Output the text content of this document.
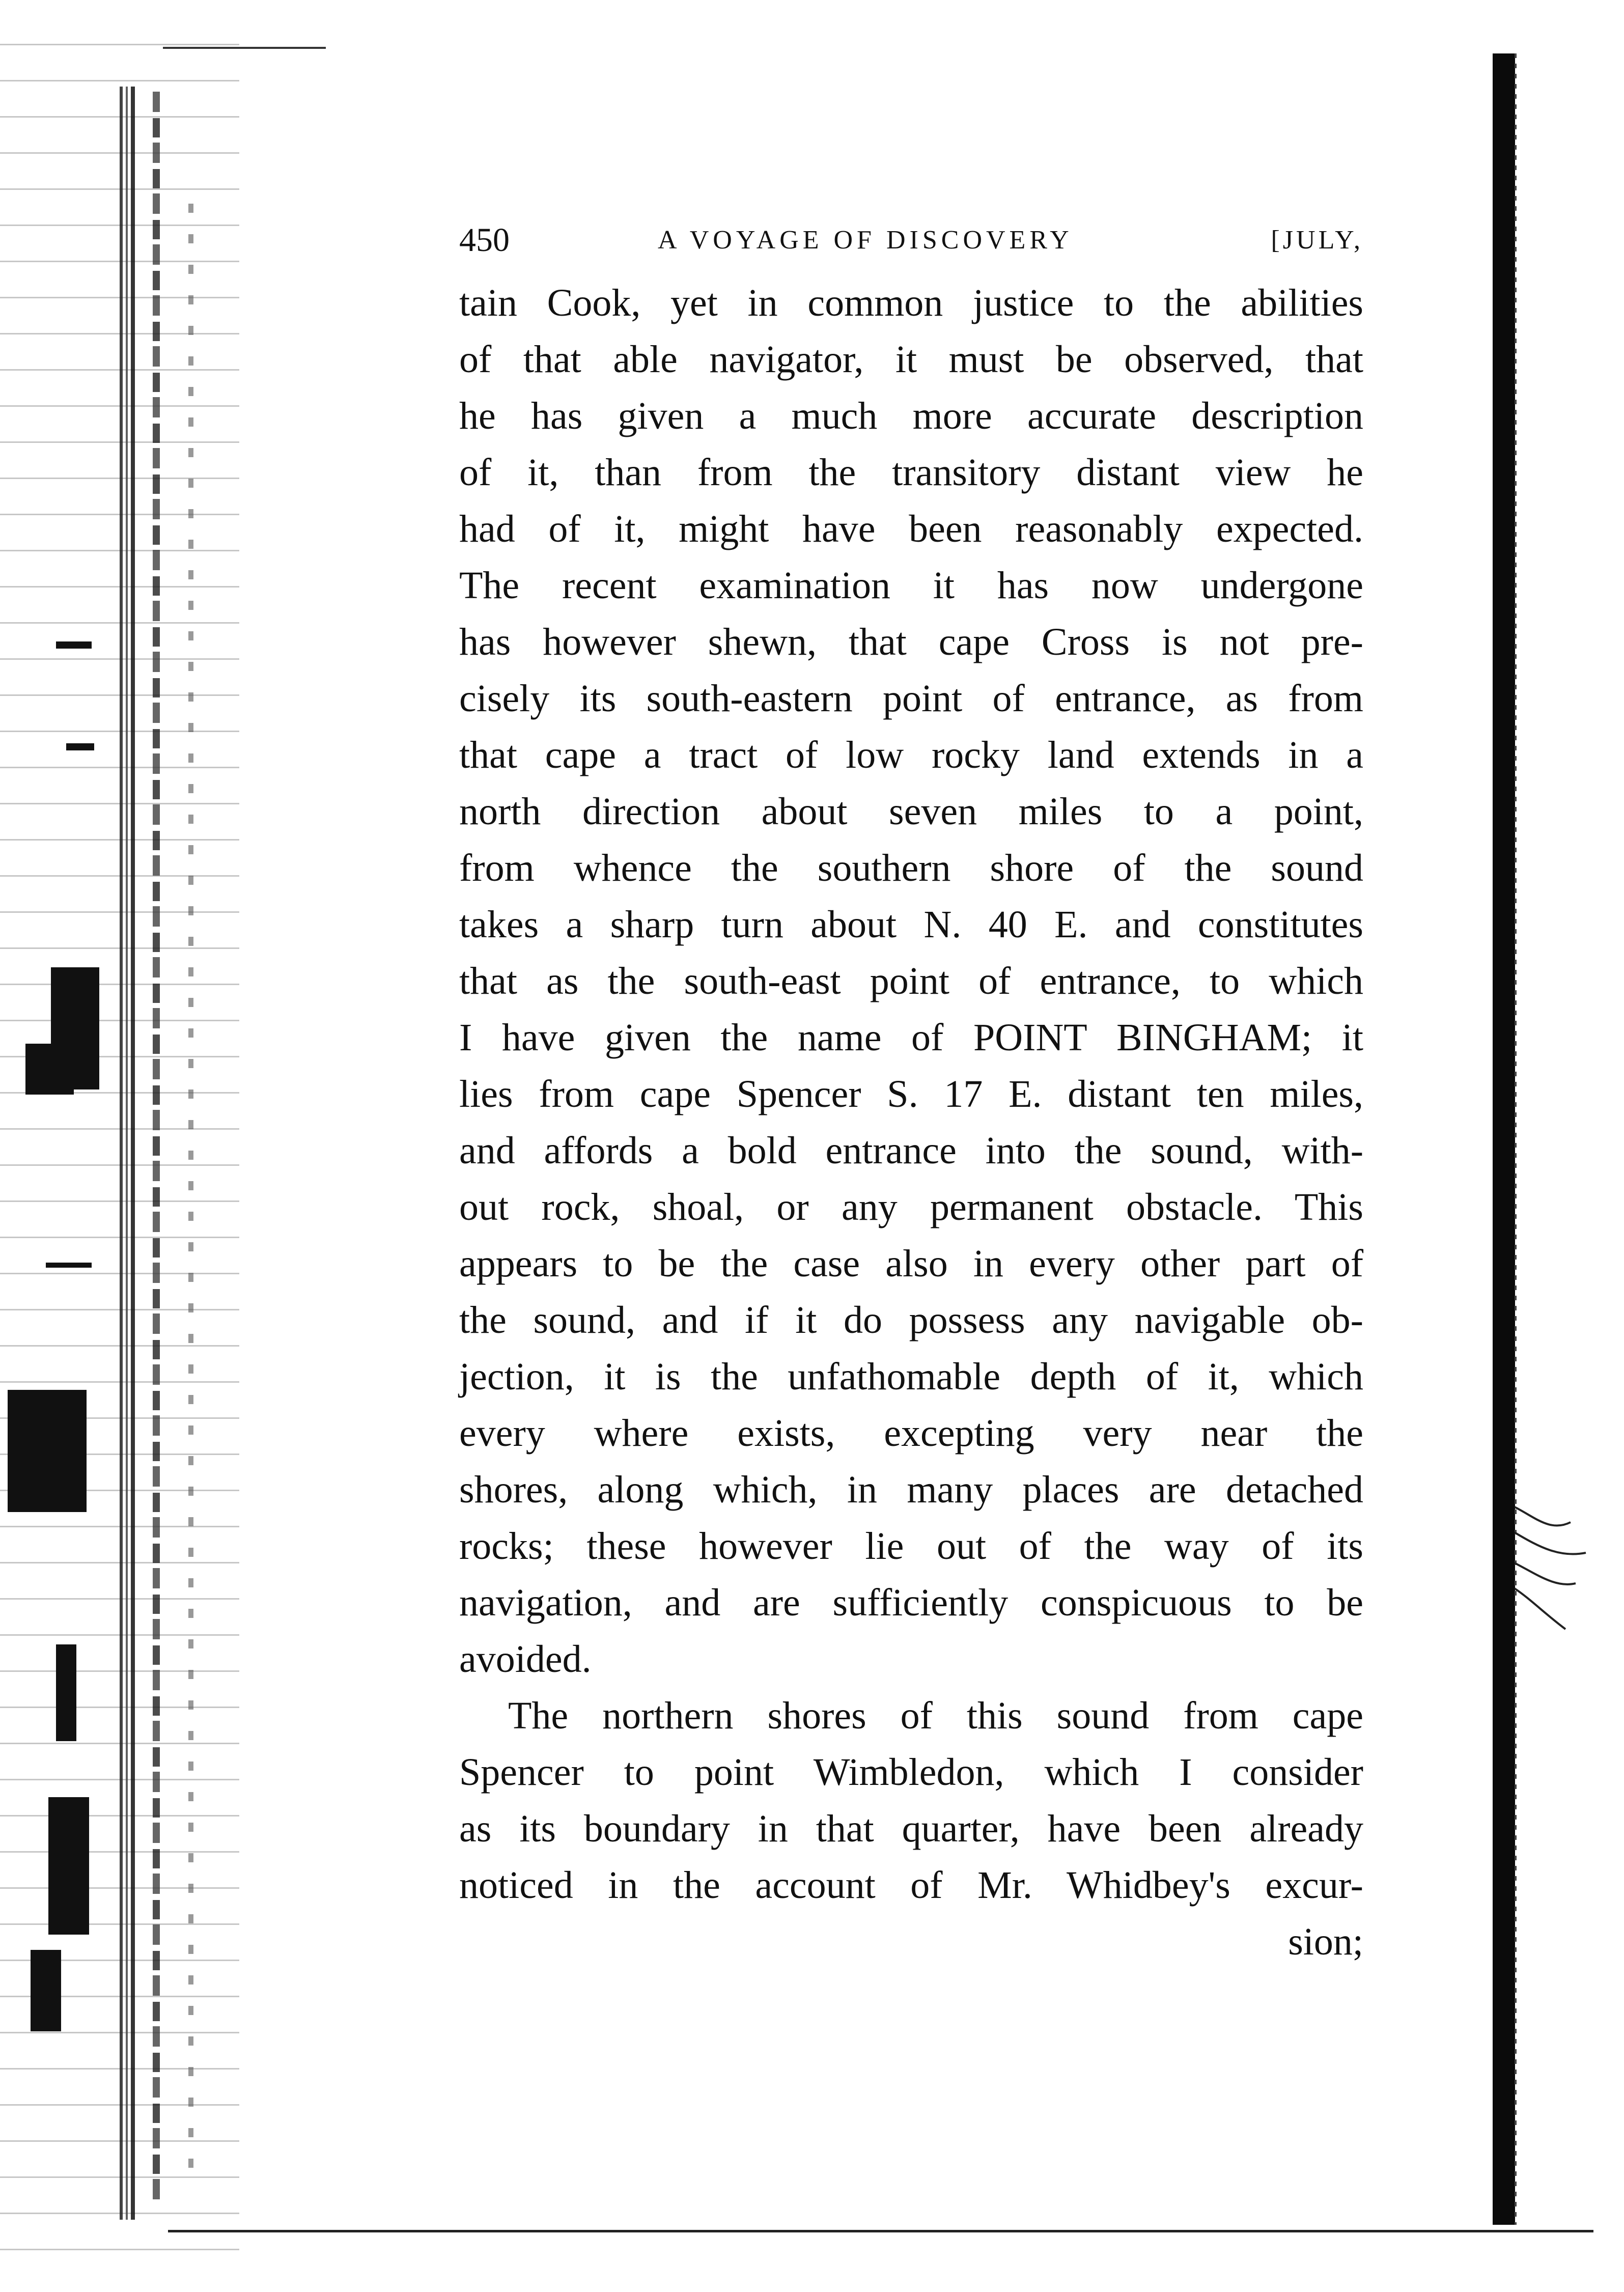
450	A VOYAGE OF DISCOVERY	[JULY,

tain Cook, yet in common justice to the abilities
of that able navigator, it must be observed, that
he has given a much more accurate description
of it, than from the transitory distant view he
had of it, might have been reasonably expected.
The recent examination it has now undergone
has however shewn, that cape Cross is not pre-
cisely its south-eastern point of entrance, as from
that cape a tract of low rocky land extends in a
north direction about seven miles to a point,
from whence the southern shore of the sound
takes a sharp turn about N. 40 E. and constitutes
that as the south-east point of entrance, to which
I have given the name of POINT BINGHAM; it
lies from cape Spencer S. 17 E. distant ten miles,
and affords a bold entrance into the sound, with-
out rock, shoal, or any permanent obstacle. This
appears to be the case also in every other part of
the sound, and if it do possess any navigable ob-
jection, it is the unfathomable depth of it, which
every where exists, excepting very near the
shores, along which, in many places are detached
rocks; these however lie out of the way of its
navigation, and are sufficiently conspicuous to be
avoided.

The northern shores of this sound from cape
Spencer to point Wimbledon, which I consider
as its boundary in that quarter, have been already
noticed in the account of Mr. Whidbey's excur-

sion;
